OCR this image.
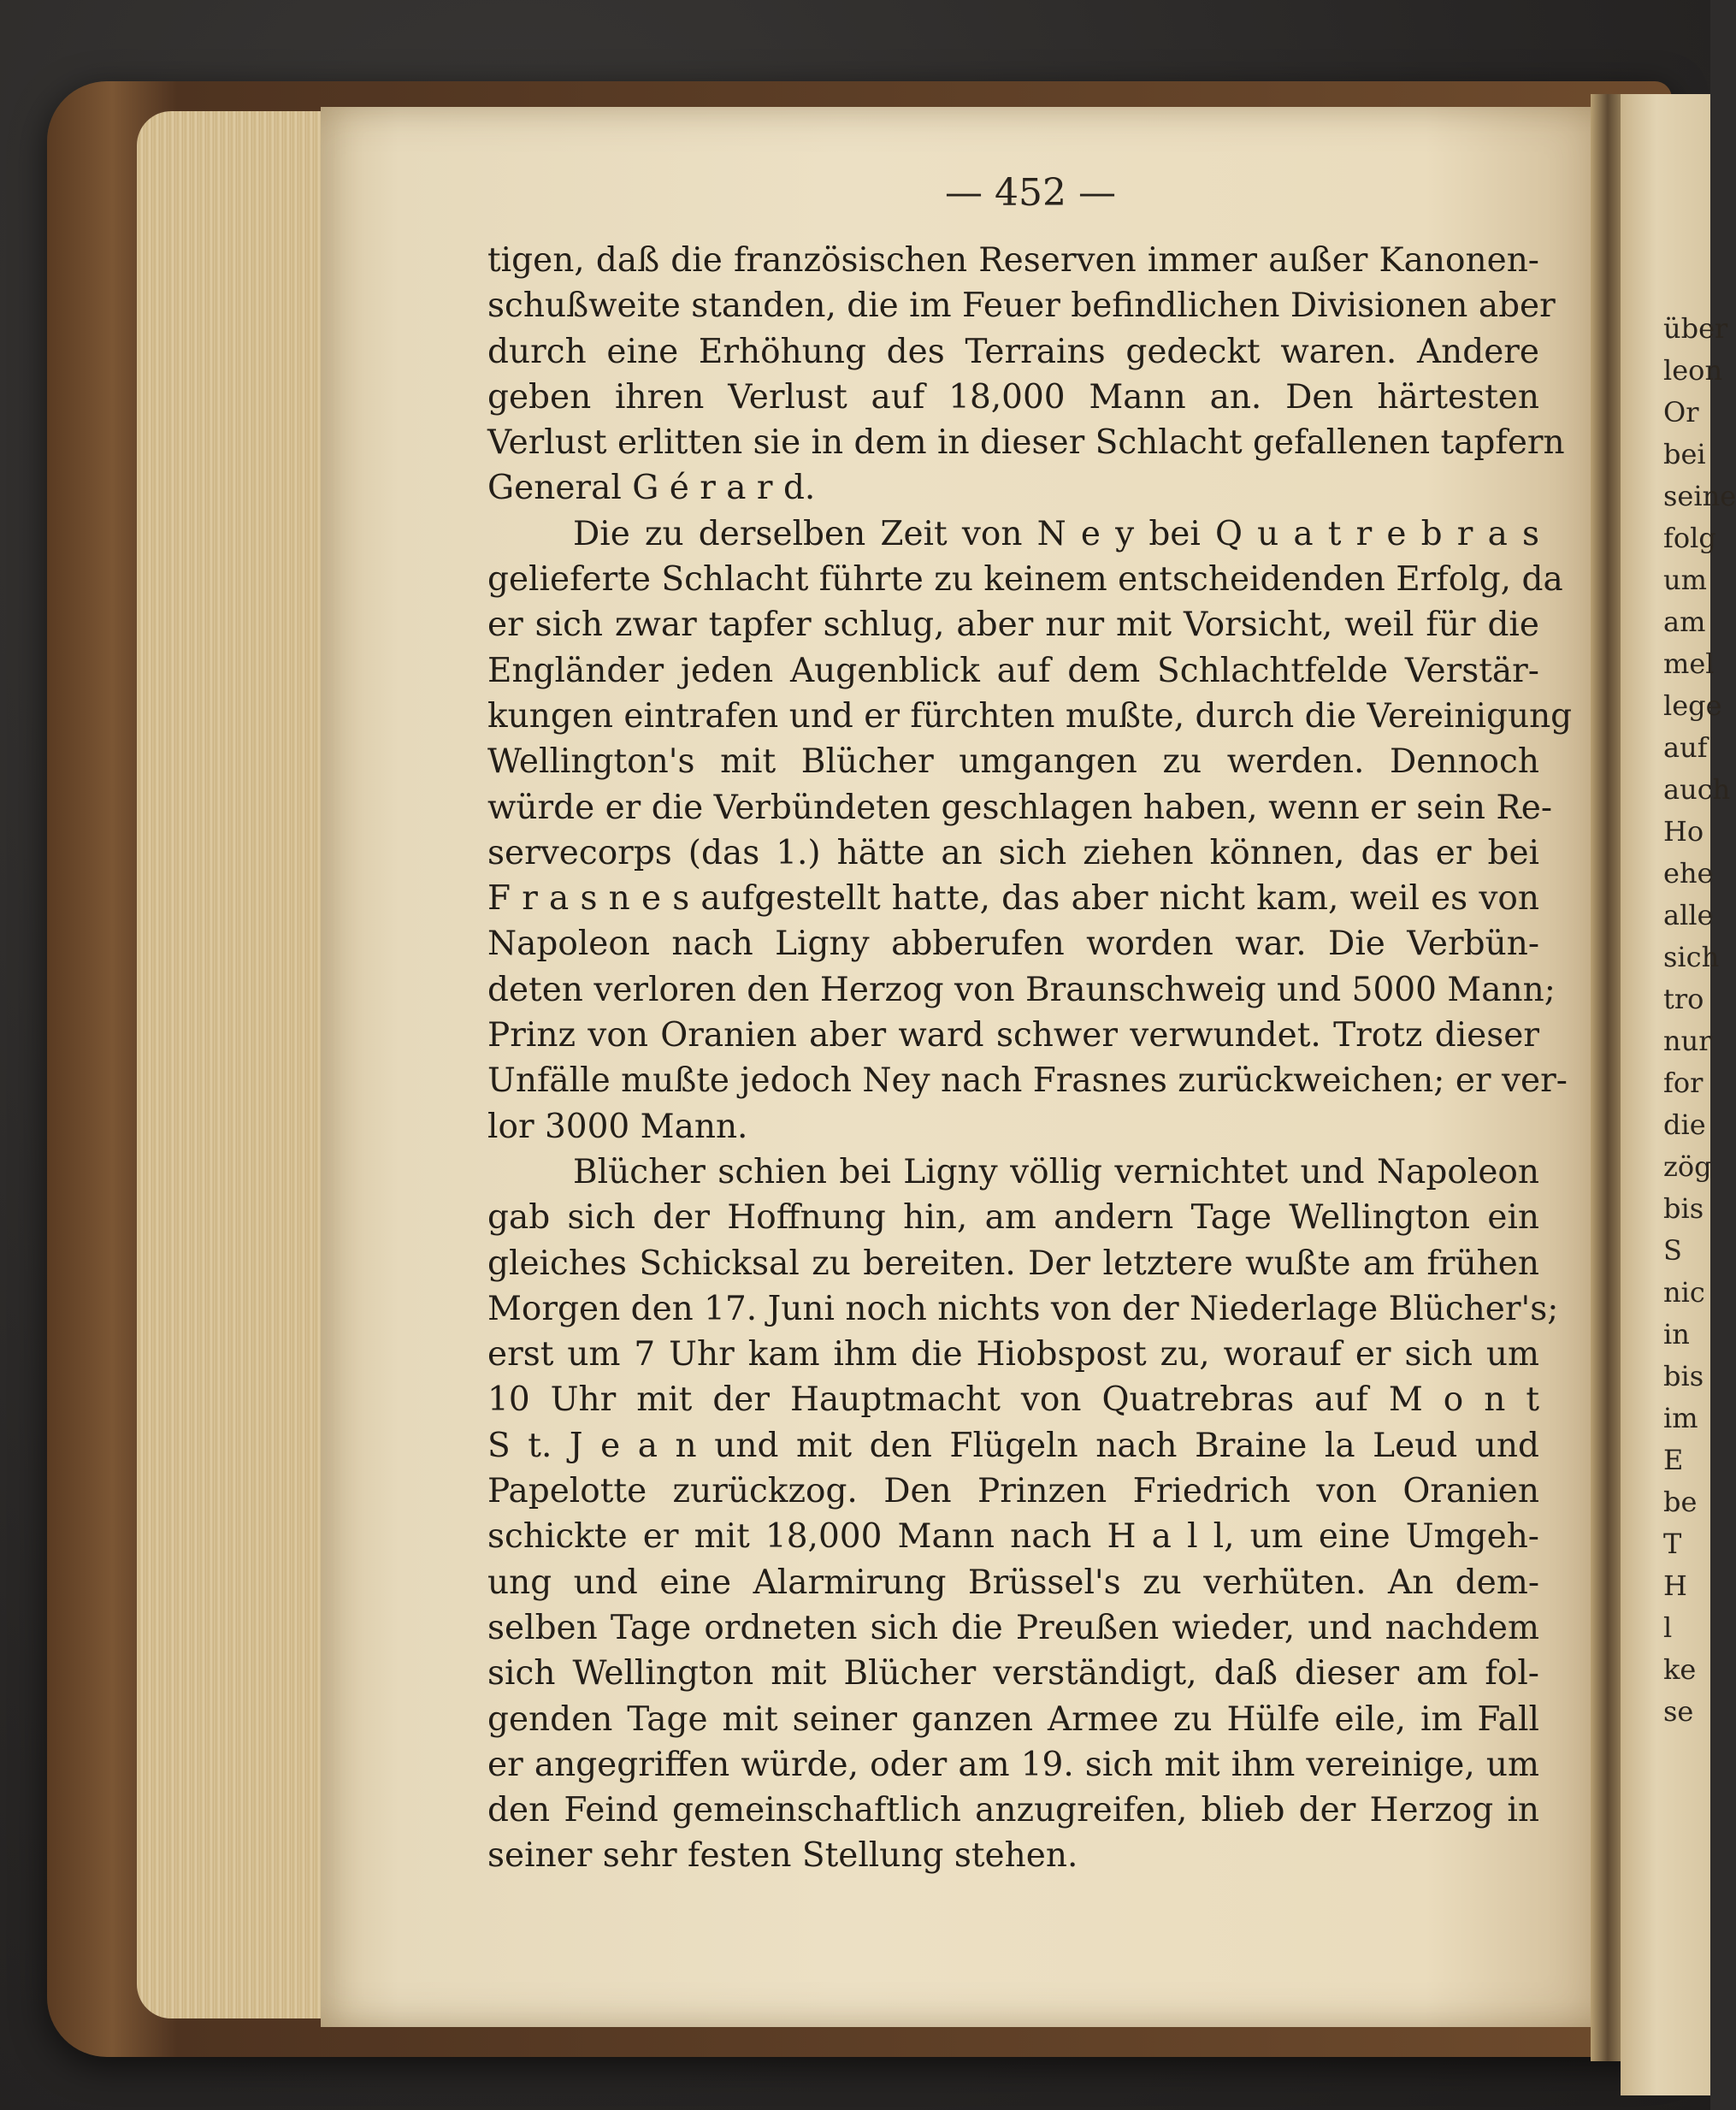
— 452 —
tigen, daß die französischen Reserven immer außer Kanonen-
schußweite standen, die im Feuer befindlichen Divisionen aber
durch eine Erhöhung des Terrains gedeckt waren. Andere
geben ihren Verlust auf 18,000 Mann an. Den härtesten
Verlust erlitten sie in dem in dieser Schlacht gefallenen tapfern
General G é r a r d.
Die zu derselben Zeit von N e y bei Q u a t r e b r a s
gelieferte Schlacht führte zu keinem entscheidenden Erfolg, da
er sich zwar tapfer schlug, aber nur mit Vorsicht, weil für die
Engländer jeden Augenblick auf dem Schlachtfelde Verstär-
kungen eintrafen und er fürchten mußte, durch die Vereinigung
Wellington's mit Blücher umgangen zu werden. Dennoch
würde er die Verbündeten geschlagen haben, wenn er sein Re-
servecorps (das 1.) hätte an sich ziehen können, das er bei
F r a s n e s aufgestellt hatte, das aber nicht kam, weil es von
Napoleon nach Ligny abberufen worden war. Die Verbün-
deten verloren den Herzog von Braunschweig und 5000 Mann;
Prinz von Oranien aber ward schwer verwundet. Trotz dieser
Unfälle mußte jedoch Ney nach Frasnes zurückweichen; er ver-
lor 3000 Mann.
Blücher schien bei Ligny völlig vernichtet und Napoleon
gab sich der Hoffnung hin, am andern Tage Wellington ein
gleiches Schicksal zu bereiten. Der letztere wußte am frühen
Morgen den 17. Juni noch nichts von der Niederlage Blücher's;
erst um 7 Uhr kam ihm die Hiobspost zu, worauf er sich um
10 Uhr mit der Hauptmacht von Quatrebras auf M o n t
S t. J e a n und mit den Flügeln nach Braine la Leud und
Papelotte zurückzog. Den Prinzen Friedrich von Oranien
schickte er mit 18,000 Mann nach H a l l, um eine Umgeh-
ung und eine Alarmirung Brüssel's zu verhüten. An dem-
selben Tage ordneten sich die Preußen wieder, und nachdem
sich Wellington mit Blücher verständigt, daß dieser am fol-
genden Tage mit seiner ganzen Armee zu Hülfe eile, im Fall
er angegriffen würde, oder am 19. sich mit ihm vereinige, um
den Feind gemeinschaftlich anzugreifen, blieb der Herzog in
seiner sehr festen Stellung stehen.
über
leon
Or
bei
seine
folg
um
am
mel
lege
auf
auch
Ho
ehe
alle
sich
tro
nur
for
die
zög
bis
S
nic
in
bis
im
E
be
T
H
l
ke
se
